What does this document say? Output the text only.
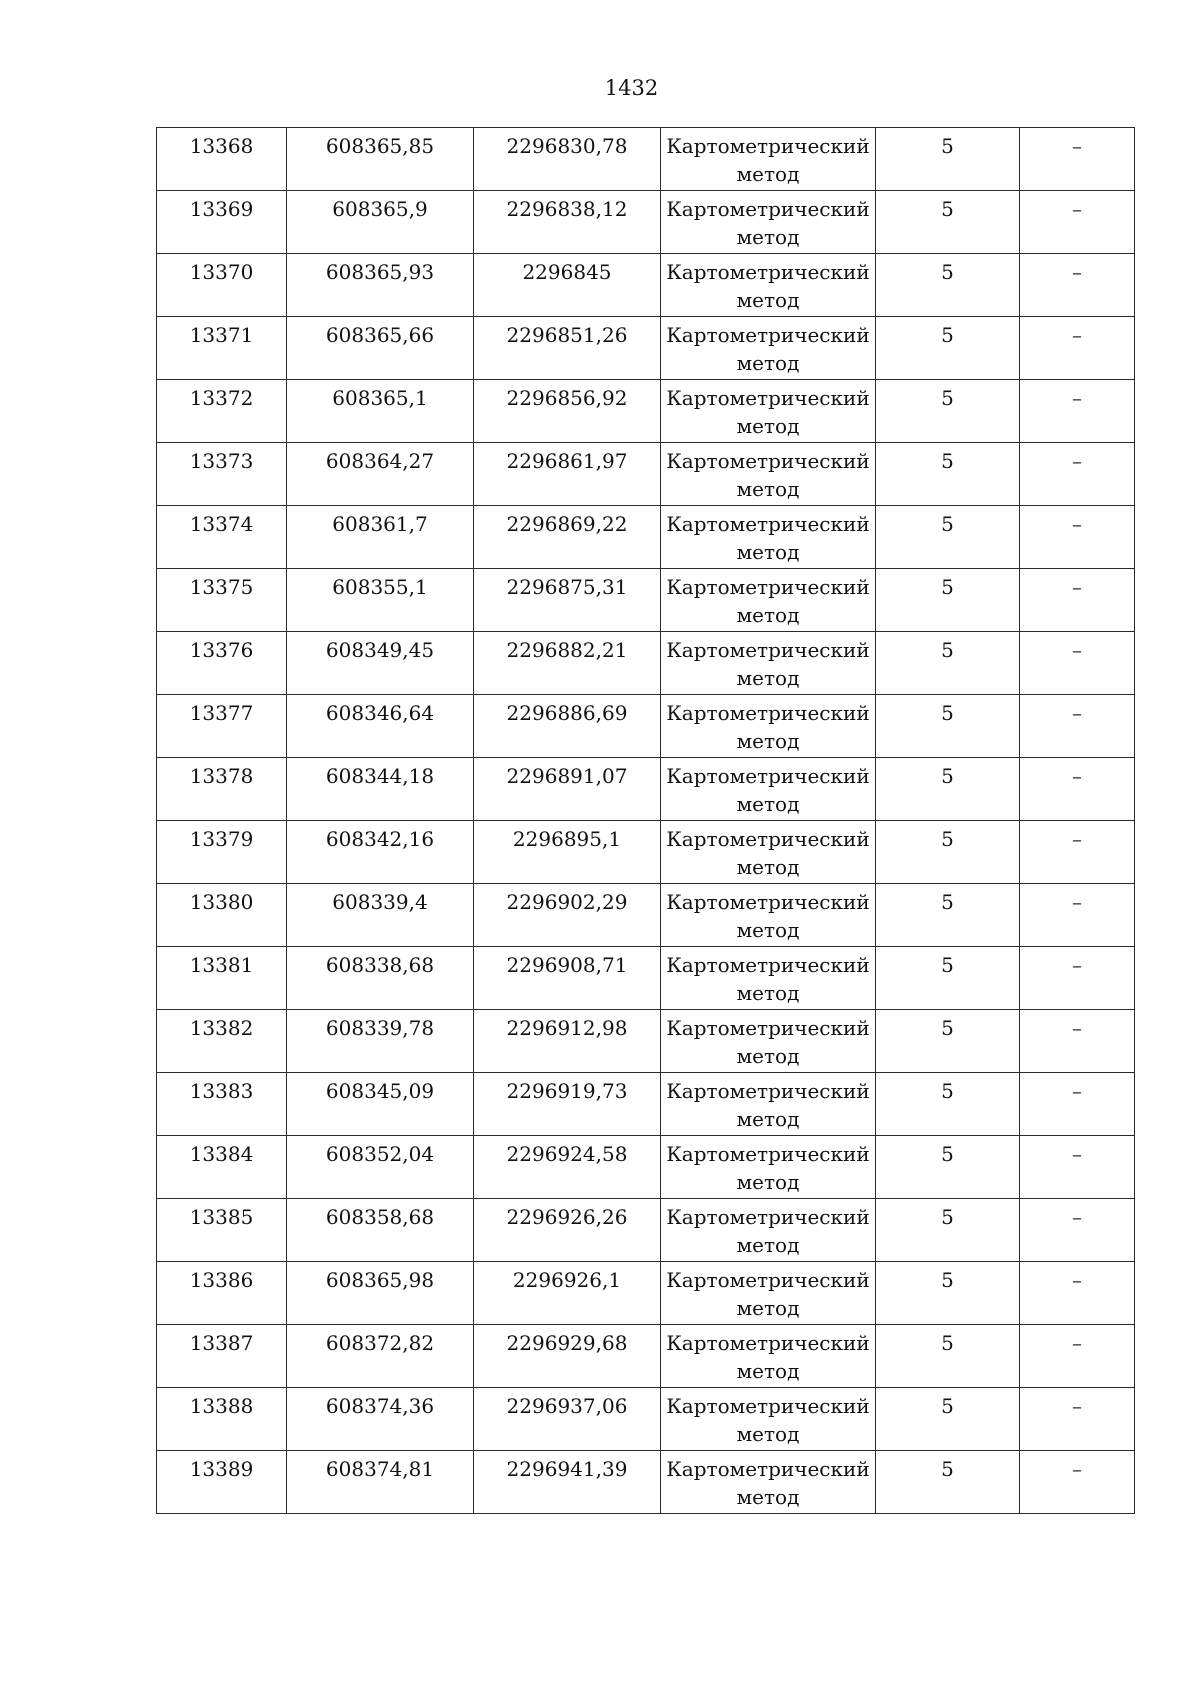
1432
13368	608365,85	2296830,78	Картометрический метод	5	–
13369	608365,9	2296838,12	Картометрический метод	5	–
13370	608365,93	2296845	Картометрический метод	5	–
13371	608365,66	2296851,26	Картометрический метод	5	–
13372	608365,1	2296856,92	Картометрический метод	5	–
13373	608364,27	2296861,97	Картометрический метод	5	–
13374	608361,7	2296869,22	Картометрический метод	5	–
13375	608355,1	2296875,31	Картометрический метод	5	–
13376	608349,45	2296882,21	Картометрический метод	5	–
13377	608346,64	2296886,69	Картометрический метод	5	–
13378	608344,18	2296891,07	Картометрический метод	5	–
13379	608342,16	2296895,1	Картометрический метод	5	–
13380	608339,4	2296902,29	Картометрический метод	5	–
13381	608338,68	2296908,71	Картометрический метод	5	–
13382	608339,78	2296912,98	Картометрический метод	5	–
13383	608345,09	2296919,73	Картометрический метод	5	–
13384	608352,04	2296924,58	Картометрический метод	5	–
13385	608358,68	2296926,26	Картометрический метод	5	–
13386	608365,98	2296926,1	Картометрический метод	5	–
13387	608372,82	2296929,68	Картометрический метод	5	–
13388	608374,36	2296937,06	Картометрический метод	5	–
13389	608374,81	2296941,39	Картометрический метод	5	–
